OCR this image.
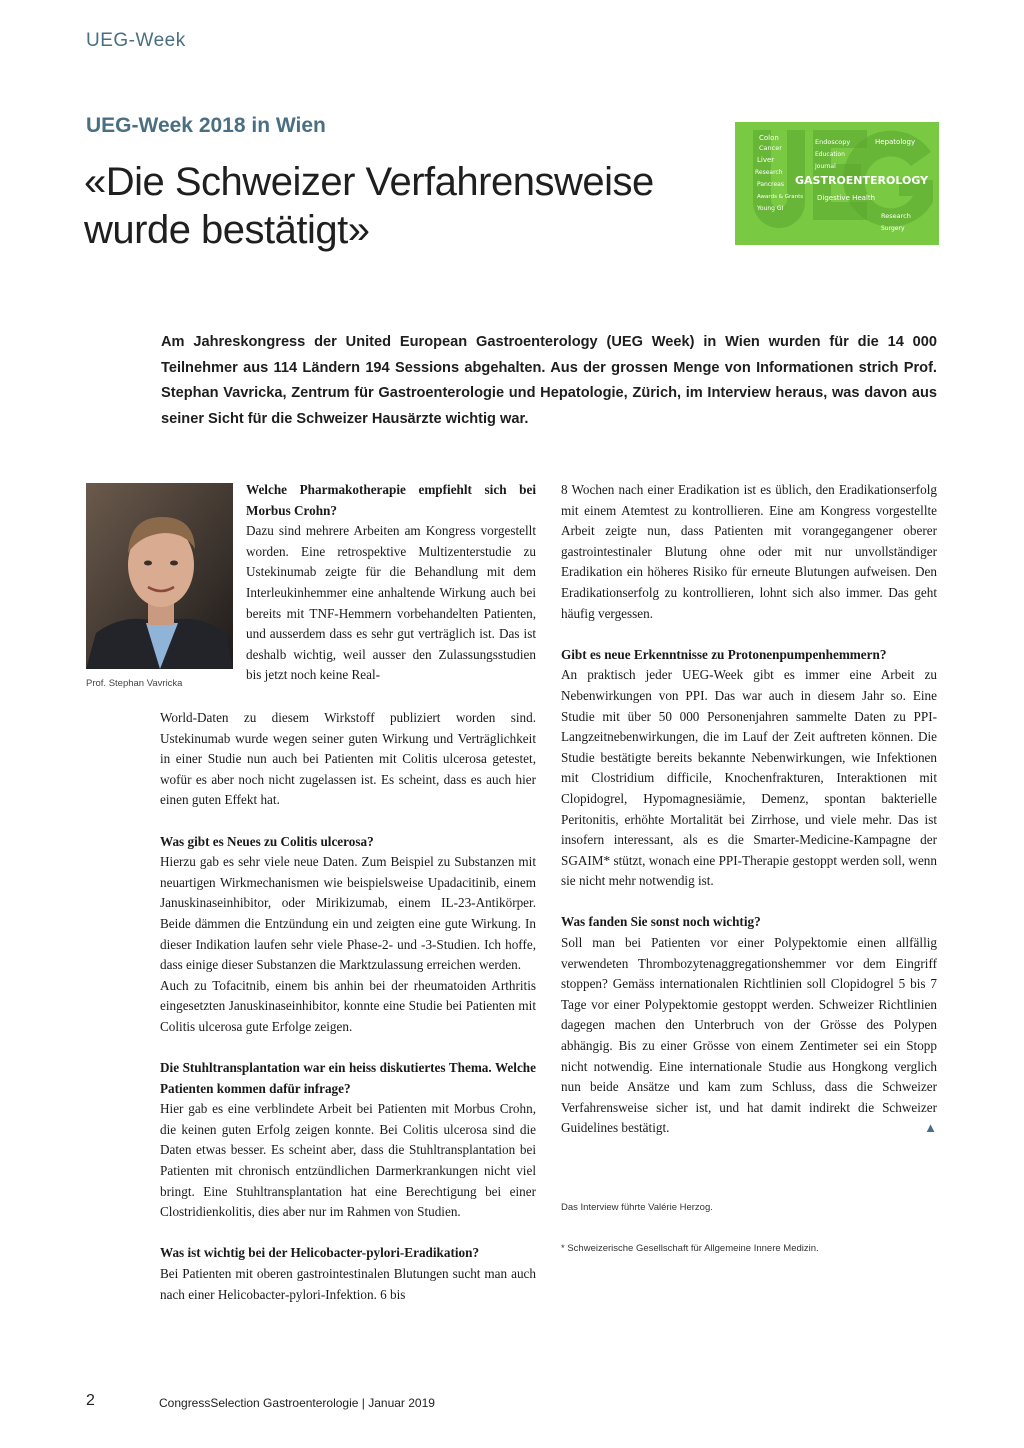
UEG-Week
UEG-Week 2018 in Wien
«Die Schweizer Verfahrensweise wurde bestätigt»
Colon
Cancer
Liver
Research
Pancreas
Awards & Grants
Young GI
Endoscopy
Education
Journal
GASTROENTEROLOGY
Digestive Health
Hepatology
Research
Surgery

Am Jahreskongress der United European Gastroenterology (UEG Week) in Wien wurden für die 14 000 Teilnehmer aus 114 Ländern 194 Sessions abgehalten. Aus der grossen Menge von Informationen strich Prof. Stephan Vavricka, Zentrum für Gastroenterologie und Hepatologie, Zürich, im Interview heraus, was davon aus seiner Sicht für die Schweizer Hausärzte wichtig war.

Prof. Stephan Vavricka

Welche Pharmakotherapie empfiehlt sich bei Morbus Crohn?

Dazu sind mehrere Arbeiten am Kongress vorgestellt worden. Eine retrospektive Multizenterstudie zu Ustekinumab zeigte für die Behandlung mit dem Interleukinhemmer eine anhaltende Wirkung auch bei bereits mit TNF-Hemmern vorbehandelten Patienten, und ausserdem dass es sehr gut verträglich ist. Das ist deshalb wichtig, weil ausser den Zulassungsstudien bis jetzt noch keine Real-

World-Daten zu diesem Wirkstoff publiziert worden sind. Ustekinumab wurde wegen seiner guten Wirkung und Verträglichkeit in einer Studie nun auch bei Patienten mit Colitis ulcerosa getestet, wofür es aber noch nicht zugelassen ist. Es scheint, dass es auch hier einen guten Effekt hat.

Was gibt es Neues zu Colitis ulcerosa?

Hierzu gab es sehr viele neue Daten. Zum Beispiel zu Substanzen mit neuartigen Wirkmechanismen wie beispielsweise Upadacitinib, einem Januskinaseinhibitor, oder Mirikizumab, einem IL-23-Antikörper. Beide dämmen die Entzündung ein und zeigten eine gute Wirkung. In dieser Indikation laufen sehr viele Phase-2- und -3-Studien. Ich hoffe, dass einige dieser Substanzen die Marktzulassung erreichen werden.

Auch zu Tofacitnib, einem bis anhin bei der rheumatoiden Arthritis eingesetzten Januskinaseinhibitor, konnte eine Studie bei Patienten mit Colitis ulcerosa gute Erfolge zeigen.

Die Stuhltransplantation war ein heiss diskutiertes Thema. Welche Patienten kommen dafür infrage?

Hier gab es eine verblindete Arbeit bei Patienten mit Morbus Crohn, die keinen guten Erfolg zeigen konnte. Bei Colitis ulcerosa sind die Daten etwas besser. Es scheint aber, dass die Stuhltransplantation bei Patienten mit chronisch entzündlichen Darmerkrankungen nicht viel bringt. Eine Stuhltransplantation hat eine Berechtigung bei einer Clostridienkolitis, dies aber nur im Rahmen von Studien.

Was ist wichtig bei der Helicobacter-pylori-Eradikation?

Bei Patienten mit oberen gastrointestinalen Blutungen sucht man auch nach einer Helicobacter-pylori-Infektion. 6 bis

8 Wochen nach einer Eradikation ist es üblich, den Eradikationserfolg mit einem Atemtest zu kontrollieren. Eine am Kongress vorgestellte Arbeit zeigte nun, dass Patienten mit vorangegangener oberer gastrointestinaler Blutung ohne oder mit nur unvollständiger Eradikation ein höheres Risiko für erneute Blutungen aufweisen. Den Eradikationserfolg zu kontrollieren, lohnt sich also immer. Das geht häufig vergessen.

Gibt es neue Erkenntnisse zu Protonenpumpenhemmern?

An praktisch jeder UEG-Week gibt es immer eine Arbeit zu Nebenwirkungen von PPI. Das war auch in diesem Jahr so. Eine Studie mit über 50 000 Personenjahren sammelte Daten zu PPI-Langzeitnebenwirkungen, die im Lauf der Zeit auftreten können. Die Studie bestätigte bereits bekannte Nebenwirkungen, wie Infektionen mit Clostridium difficile, Knochenfrakturen, Interaktionen mit Clopidogrel, Hypomagnesiämie, Demenz, spontan bakterielle Peritonitis, erhöhte Mortalität bei Zirrhose, und viele mehr. Das ist insofern interessant, als es die Smarter-Medicine-Kampagne der SGAIM* stützt, wonach eine PPI-Therapie gestoppt werden soll, wenn sie nicht mehr notwendig ist.

Was fanden Sie sonst noch wichtig?

Soll man bei Patienten vor einer Polypektomie einen allfällig verwendeten Thrombozytenaggregationshemmer vor dem Eingriff stoppen? Gemäss internationalen Richtlinien soll Clopidogrel 5 bis 7 Tage vor einer Polypektomie gestoppt werden. Schweizer Richtlinien dagegen machen den Unterbruch von der Grösse des Polypen abhängig. Bis zu einer Grösse von einem Zentimeter sei ein Stopp nicht notwendig. Eine internationale Studie aus Hongkong verglich nun beide Ansätze und kam zum Schluss, dass die Schweizer Verfahrensweise sicher ist, und hat damit indirekt die Schweizer Guidelines bestätigt.	▲

Das Interview führte Valérie Herzog.
* Schweizerische Gesellschaft für Allgemeine Innere Medizin.
2	CongressSelection Gastroenterologie | Januar 2019
